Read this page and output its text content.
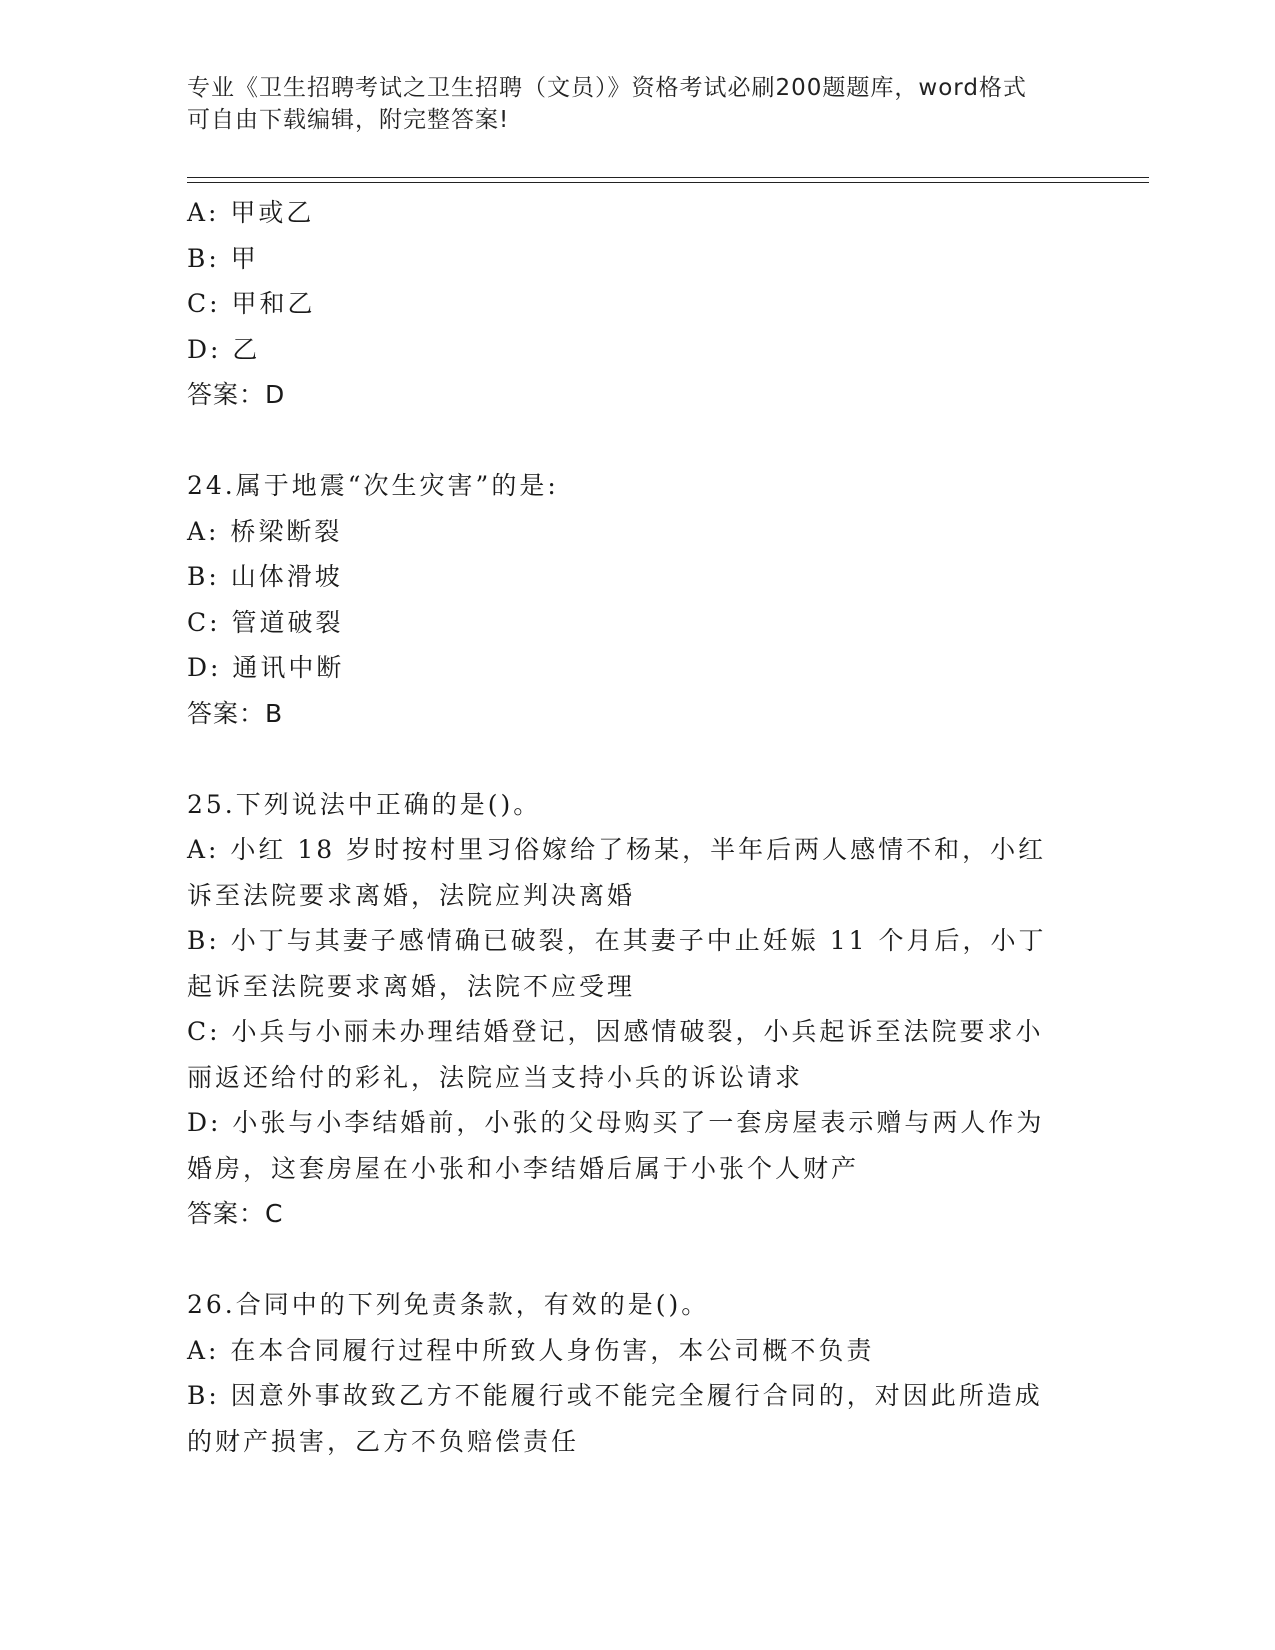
专业《卫生招聘考试之卫生招聘（文员）》资格考试必刷200题题库，word格式
可自由下载编辑，附完整答案!
A: 甲或乙
B: 甲
C: 甲和乙
D: 乙
答案：D
24.属于地震“次生灾害”的是:
A: 桥梁断裂
B: 山体滑坡
C: 管道破裂
D: 通讯中断
答案：B
25.下列说法中正确的是()。
A: 小红 18 岁时按村里习俗嫁给了杨某，半年后两人感情不和，小红
诉至法院要求离婚，法院应判决离婚
B: 小丁与其妻子感情确已破裂，在其妻子中止妊娠 11 个月后，小丁
起诉至法院要求离婚，法院不应受理
C: 小兵与小丽未办理结婚登记，因感情破裂，小兵起诉至法院要求小
丽返还给付的彩礼，法院应当支持小兵的诉讼请求
D: 小张与小李结婚前，小张的父母购买了一套房屋表示赠与两人作为
婚房，这套房屋在小张和小李结婚后属于小张个人财产
答案：C
26.合同中的下列免责条款，有效的是()。
A: 在本合同履行过程中所致人身伤害，本公司概不负责
B: 因意外事故致乙方不能履行或不能完全履行合同的，对因此所造成
的财产损害，乙方不负赔偿责任
